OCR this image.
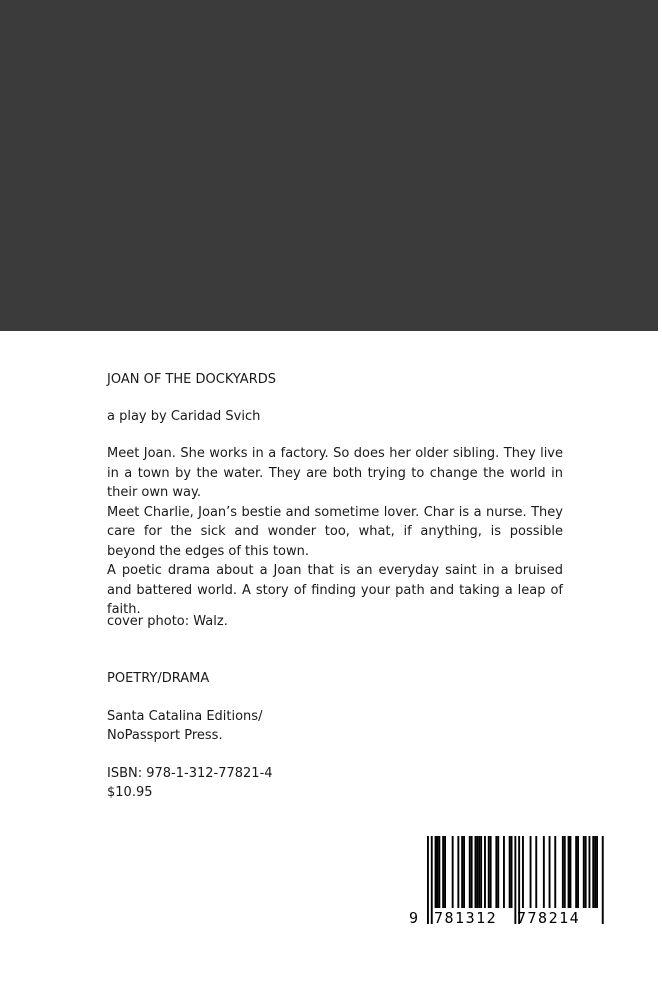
JOAN OF THE DOCKYARDS
a play by Caridad Svich

Meet Joan. She works in a factory. So does her older sibling. They live in a town by the water. They are both trying to change the world in their own way.

Meet Charlie, Joan’s bestie and sometime lover. Char is a nurse. They care for the sick and wonder too, what, if anything, is possible beyond the edges of this town.

A poetic drama about a Joan that is an everyday saint in a bruised and battered world. A story of finding your path and taking a leap of faith.

cover photo: Walz.
POETRY/DRAMA
Santa Catalina Editions/
NoPassport Press.
ISBN: 978-1-312-77821-4
$10.95
9 781312 778214
